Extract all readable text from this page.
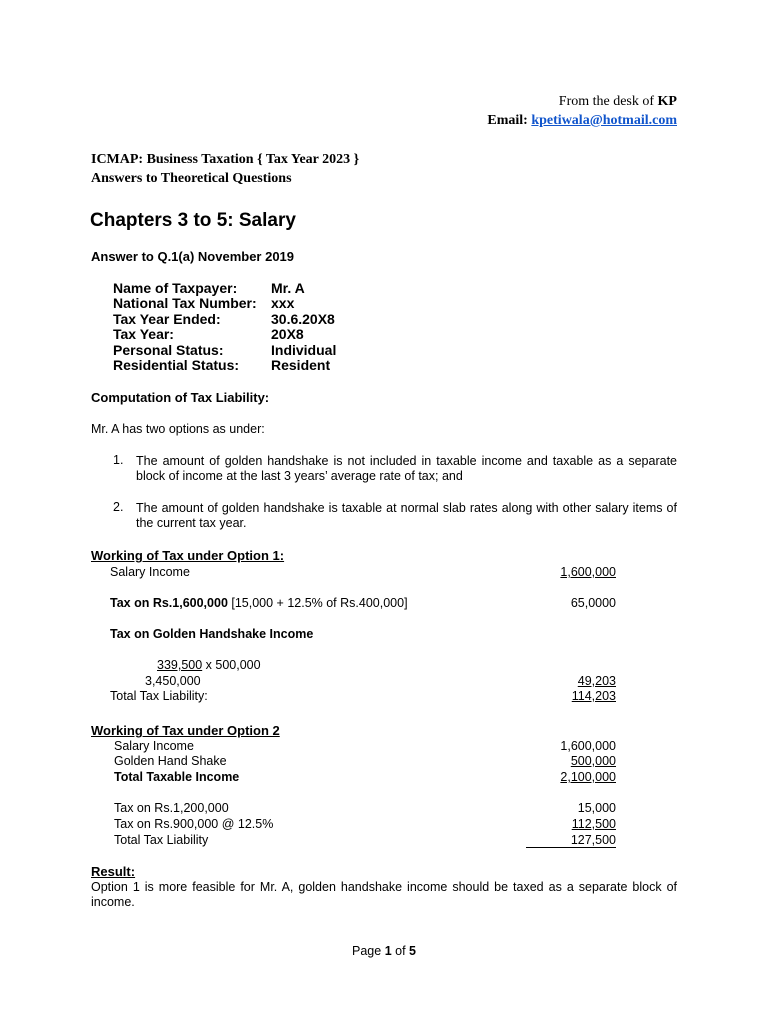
From the desk of KP
Email: kpetiwala@hotmail.com
ICMAP: Business Taxation { Tax Year 2023 }
Answers to Theoretical Questions
Chapters 3 to 5: Salary
Answer to Q.1(a) November 2019
Name of Taxpayer: Mr. A
National Tax Number: xxx
Tax Year Ended:	30.6.20X8
Tax Year:	20X8
Personal Status:	Individual
Residential Status: Resident
Computation of Tax Liability:
Mr. A has two options as under:
1. The amount of golden handshake is not included in taxable income and taxable as a separate
block of income at the last 3 years’ average rate of tax; and
2. The amount of golden handshake is taxable at normal slab rates along with other salary items of
the current tax year.
Working of Tax under Option 1:
Salary Income	1,600,000
Tax on Rs.1,600,000 [15,000 + 12.5% of Rs.400,000]	65,0000
Tax on Golden Handshake Income
339,500 x 500,000
3,450,000	49,203
Total Tax Liability:	114,203
Working of Tax under Option 2
Salary Income	1,600,000
Golden Hand Shake	500,000
Total Taxable Income	2,100,000
Tax on Rs.1,200,000	15,000
Tax on Rs.900,000 @ 12.5%	112,500
Total Tax Liability	127,500
Result:
Option 1 is more feasible for Mr. A, golden handshake income should be taxed as a separate block of
income.
Page 1 of 5
